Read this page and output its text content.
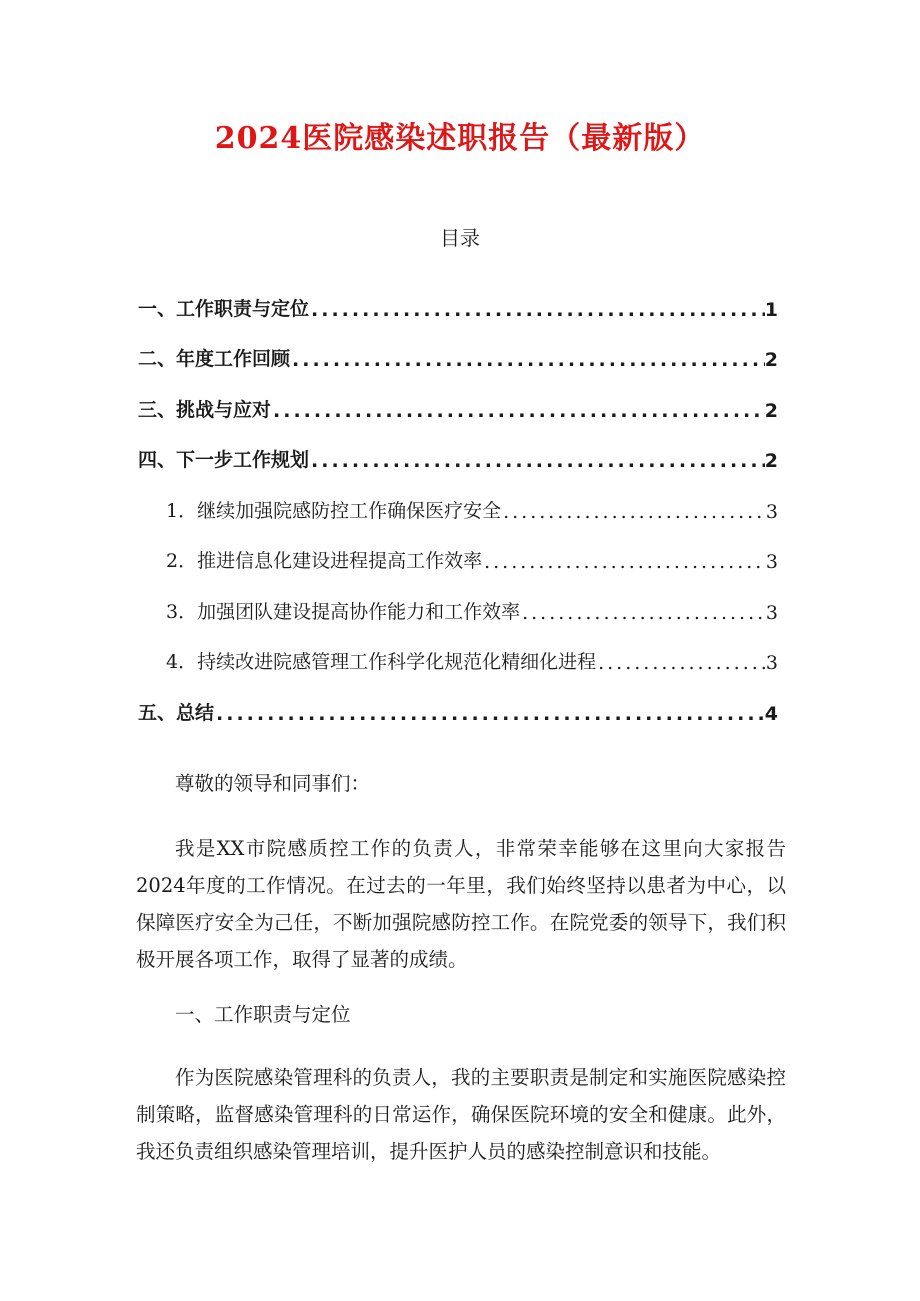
2024医院感染述职报告（最新版）
目录
一、工作职责与定位 .....	1
二、年度工作回顾 .....	2
三、挑战与应对 .....	2
四、下一步工作规划 .....	2
1．继续加强院感防控工作确保医疗安全 .....	3
2．推进信息化建设进程提高工作效率 .....	3
3．加强团队建设提高协作能力和工作效率 .....	3
4．持续改进院感管理工作科学化规范化精细化进程 .....	3
五、总结 .....	4

尊敬的领导和同事们：

我是XX市院感质控工作的负责人，非常荣幸能够在这里向大家报告2024年度的工作情况。在过去的一年里，我们始终坚持以患者为中心，以保障医疗安全为己任，不断加强院感防控工作。在院党委的领导下，我们积极开展各项工作，取得了显著的成绩。

一、工作职责与定位

作为医院感染管理科的负责人，我的主要职责是制定和实施医院感染控制策略，监督感染管理科的日常运作，确保医院环境的安全和健康。此外，我还负责组织感染管理培训，提升医护人员的感染控制意识和技能。
